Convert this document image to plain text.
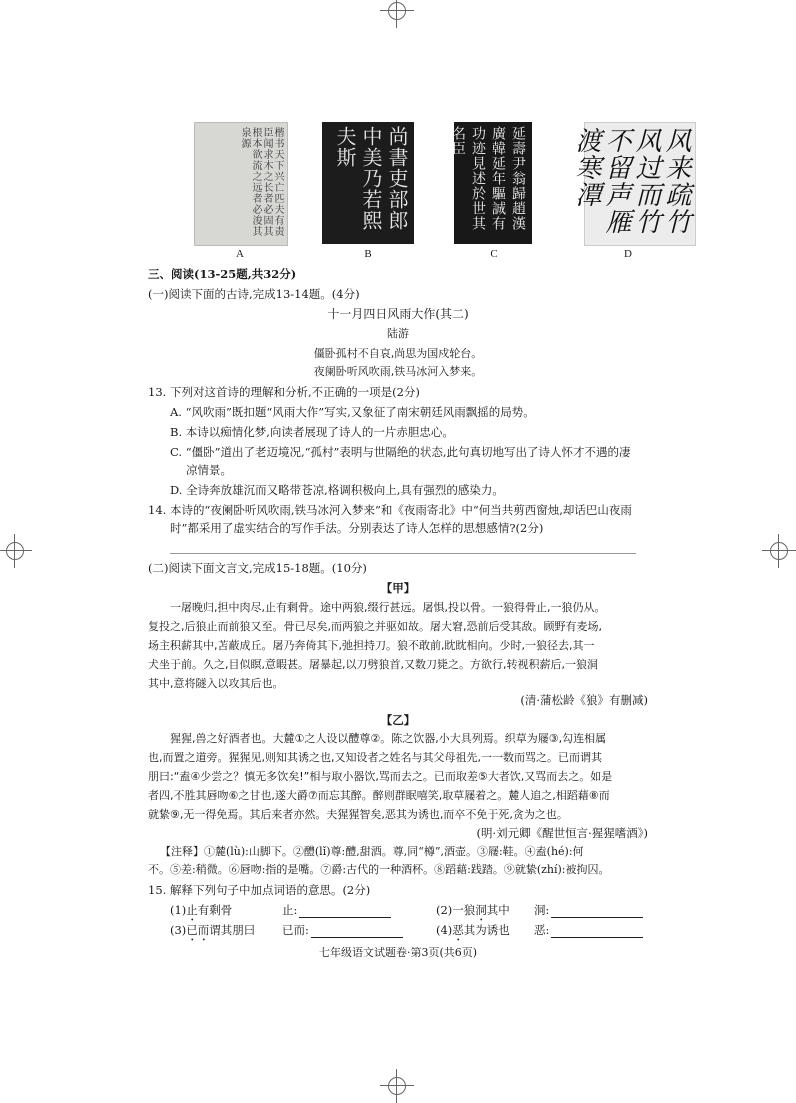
楷书天下兴亡匹夫有责臣闻求木之长者必固其根本欲流之远者必浚其泉源	尚書吏部郎中美乃若熙夫斯	延壽尹翁歸趙漢廣韓延年驅誠有功迹見述於世其名臣	风来疏竹风过而竹不留声雁渡寒潭
A	B	C	D
三、阅读(13-25题,共32分)
(一)阅读下面的古诗,完成13-14题。(4分)
十一月四日风雨大作(其二)
陆游
僵卧孤村不自哀,尚思为国戍轮台。
夜阑卧听风吹雨,铁马冰河入梦来。
13. 下列对这首诗的理解和分析,不正确的一项是(2分)
A. “风吹雨”既扣题“风雨大作”写实,又象征了南宋朝廷风雨飘摇的局势。
B. 本诗以痴情化梦,向读者展现了诗人的一片赤胆忠心。
C. “僵卧”道出了老迈境况,“孤村”表明与世隔绝的状态,此句真切地写出了诗人怀才不遇的凄
凉情景。
D. 全诗奔放雄沉而又略带苍凉,格调积极向上,具有强烈的感染力。
14. 本诗的“夜阑卧听风吹雨,铁马冰河入梦来”和《夜雨寄北》中“何当共剪西窗烛,却话巴山夜雨
时”都采用了虚实结合的写作手法。分别表达了诗人怎样的思想感情?(2分)
(二)阅读下面文言文,完成15-18题。(10分)
【甲】
一屠晚归,担中肉尽,止有剩骨。途中两狼,缀行甚远。屠惧,投以骨。一狼得骨止,一狼仍从。
复投之,后狼止而前狼又至。骨已尽矣,而两狼之并驱如故。屠大窘,恐前后受其敌。顾野有麦场,
场主积薪其中,苫蔽成丘。屠乃奔倚其下,弛担持刀。狼不敢前,眈眈相向。少时,一狼径去,其一
犬坐于前。久之,目似瞑,意暇甚。屠暴起,以刀劈狼首,又数刀毙之。方欲行,转视积薪后,一狼洞
其中,意将隧入以攻其后也。
(清·蒲松龄《狼》有删减)
【乙】
猩猩,兽之好酒者也。大麓①之人设以醴尊②。陈之饮器,小大具列焉。织草为屦③,勾连相属
也,而置之道旁。猩猩见,则知其诱之也,又知设者之姓名与其父母祖先,一一数而骂之。已而谓其
朋曰:“盍④少尝之？慎无多饮矣!”相与取小器饮,骂而去之。已而取差⑤大者饮,又骂而去之。如是
者四,不胜其唇吻⑥之甘也,遂大爵⑦而忘其醉。醉则群眠嘻笑,取草屦着之。麓人追之,相蹈藉⑧而
就絷⑨,无一得免焉。其后来者亦然。夫猩猩智矣,恶其为诱也,而卒不免于死,贪为之也。
(明·刘元卿《醒世恒言·猩猩嗜酒》)
【注释】①麓(lù):山脚下。②醴(lǐ)尊:醴,甜酒。尊,同“樽”,酒壶。③屦:鞋。④盍(hé):何
不。⑤差:稍微。⑥唇吻:指的是嘴。⑦爵:古代的一种酒杯。⑧蹈藉:践踏。⑨就絷(zhí):被拘囚。
15. 解释下列句子中加点词语的意思。(2分)
(1)止有剩骨	止:	(2)一狼洞其中 洞:
(3)已而谓其朋曰 已而:	(4)恶其为诱也 恶:
七年级语文试题卷·第3页(共6页)
